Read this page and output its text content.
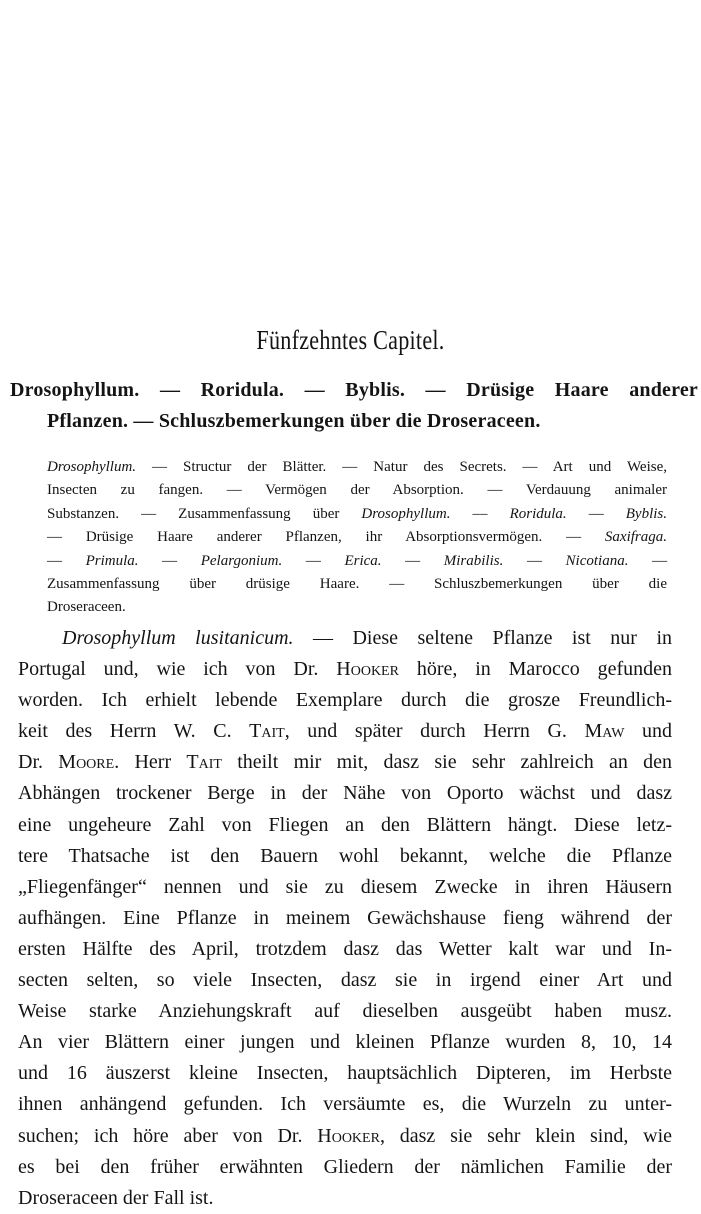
Fünfzehntes Capitel.
Drosophyllum. — Roridula. — Byblis. — Drüsige Haare anderer
Pflanzen. — Schluszbemerkungen über die Droseraceen.
Drosophyllum. — Structur der Blätter. — Natur des Secrets. — Art und Weise,
Insecten zu fangen. — Vermögen der Absorption. — Verdauung animaler
Substanzen. — Zusammenfassung über Drosophyllum. — Roridula. — Byblis.
— Drüsige Haare anderer Pflanzen, ihr Absorptionsvermögen. — Saxifraga.
— Primula. — Pelargonium. — Erica. — Mirabilis. — Nicotiana. —
Zusammenfassung über drüsige Haare. — Schluszbemerkungen über die
Droseraceen.
Drosophyllum lusitanicum. — Diese seltene Pflanze ist nur in
Portugal und, wie ich von Dr. Hooker höre, in Marocco gefunden
worden. Ich erhielt lebende Exemplare durch die grosze Freundlich-
keit des Herrn W. C. Tait, und später durch Herrn G. Maw und
Dr. Moore. Herr Tait theilt mir mit, dasz sie sehr zahlreich an den
Abhängen trockener Berge in der Nähe von Oporto wächst und dasz
eine ungeheure Zahl von Fliegen an den Blättern hängt. Diese letz-
tere Thatsache ist den Bauern wohl bekannt, welche die Pflanze
„Fliegenfänger“ nennen und sie zu diesem Zwecke in ihren Häusern
aufhängen. Eine Pflanze in meinem Gewächshause fieng während der
ersten Hälfte des April, trotzdem dasz das Wetter kalt war und In-
secten selten, so viele Insecten, dasz sie in irgend einer Art und
Weise starke Anziehungskraft auf dieselben ausgeübt haben musz.
An vier Blättern einer jungen und kleinen Pflanze wurden 8, 10, 14
und 16 äuszerst kleine Insecten, hauptsächlich Dipteren, im Herbste
ihnen anhängend gefunden. Ich versäumte es, die Wurzeln zu unter-
suchen; ich höre aber von Dr. Hooker, dasz sie sehr klein sind, wie
es bei den früher erwähnten Gliedern der nämlichen Familie der
Droseraceen der Fall ist.
